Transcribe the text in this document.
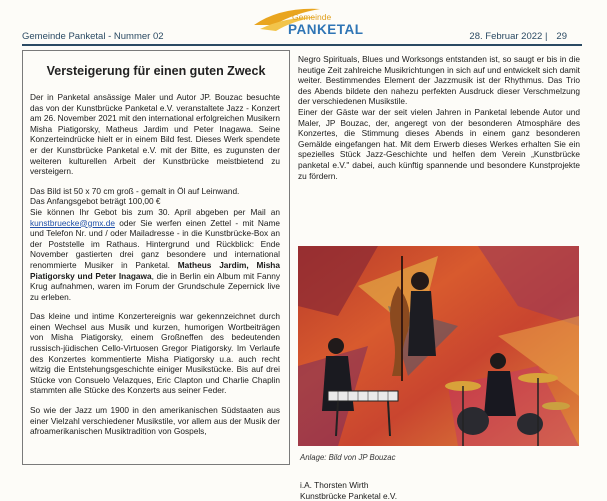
Gemeinde Panketal - Nummer 02
Gemeinde
PANKETAL	28. Februar 2022 | 29
Versteigerung für einen guten Zweck

Der in Panketal ansässige Maler und Autor JP. Bouzac besuchte das von der Kunstbrücke Panketal e.V. veranstaltete Jazz - Konzert am 26. November 2021 mit den international erfolgreichen Musikern Misha Piatigorsky, Matheus Jardim und Peter Inagawa. Seine Konzerteindrücke hielt er in einem Bild fest. Dieses Werk spendete er der Kunstbrücke Panketal e.V. mit der Bitte, es zugunsten der weiteren kulturellen Arbeit der Kunstbrücke meistbietend zu versteigern.

Das Bild ist 50 x 70 cm groß - gemalt in Öl auf Leinwand.
Das Anfangsgebot beträgt 100,00 €
Sie können Ihr Gebot bis zum 30. April abgeben per Mail an kunstbruecke@gmx.de oder Sie werfen einen Zettel - mit Name und Telefon Nr. und / oder Mailadresse - in die Kunstbrücke-Box an der Poststelle im Rathaus. Hintergrund und Rückblick: Ende November gastierten drei ganz besondere und international renommierte Musiker in Panketal. Matheus Jardim, Misha Piatigorsky und Peter Inagawa, die in Berlin ein Album mit Fanny Krug aufnahmen, waren im Forum der Grundschule Zepernick live zu erleben.

Das kleine und intime Konzertereignis war gekennzeichnet durch einen Wechsel aus Musik und kurzen, humorigen Wortbeiträgen von Misha Piatigorsky, einem Großneffen des bedeutenden russisch-jüdischen Cello-Virtuosen Gregor Piatigorsky. Im Verlaufe des Konzertes kommentierte Misha Piatigorsky u.a. auch recht witzig die Entstehungsgeschichte einiger Musikstücke. Bis auf drei Stücke von Consuelo Velazques, Eric Clapton und Charlie Chaplin stammten alle Stücke des Konzerts aus seiner Feder.

So wie der Jazz um 1900 in den amerikanischen Südstaaten aus einer Vielzahl verschiedener Musikstile, vor allem aus der Musik der afroamerikanischen Musiktradition von Gospels,

Negro Spirituals, Blues und Worksongs entstanden ist, so saugt er bis in die heutige Zeit zahlreiche Musikrichtungen in sich auf und entwickelt sich damit weiter. Bestimmendes Element der Jazzmusik ist der Rhythmus. Das Trio des Abends bildete den nahezu perfekten Ausdruck dieser Verschmelzung der verschiedenen Musikstile.

Einer der Gäste war der seit vielen Jahren in Panketal lebende Autor und Maler, JP Bouzac, der, angeregt von der besonderen Atmosphäre des Konzertes, die Stimmung dieses Abends in einem ganz besonderen Gemälde eingefangen hat. Mit dem Erwerb dieses Werkes erhalten Sie ein spezielles Stück Jazz-Geschichte und helfen dem Verein „Kunstbrücke panketal e.V." dabei, auch künftig spannende und besondere Kunstprojekte zu fördern.

Anlage: Bild von JP Bouzac
i.A. Thorsten Wirth
Kunstbrücke Panketal e.V.
